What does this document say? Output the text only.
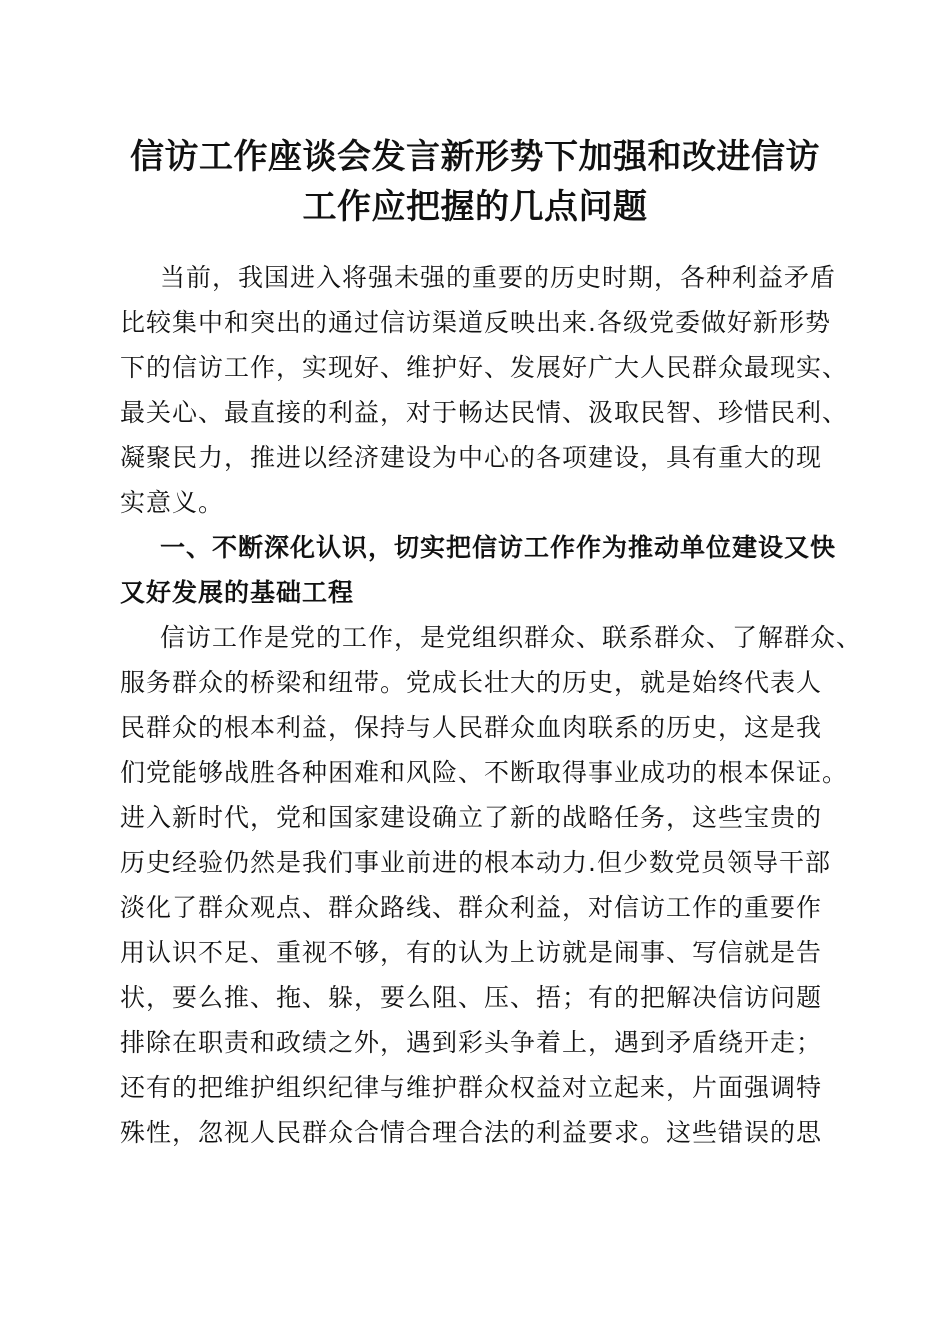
信访工作座谈会发言新形势下加强和改进信访
工作应把握的几点问题
当前，我国进入将强未强的重要的历史时期，各种利益矛盾
比较集中和突出的通过信访渠道反映出来.各级党委做好新形势
下的信访工作，实现好、维护好、发展好广大人民群众最现实、
最关心、最直接的利益，对于畅达民情、汲取民智、珍惜民利、
凝聚民力，推进以经济建设为中心的各项建设，具有重大的现
实意义。
一、不断深化认识，切实把信访工作作为推动单位建设又快
又好发展的基础工程
信访工作是党的工作，是党组织群众、联系群众、了解群众、
服务群众的桥梁和纽带。党成长壮大的历史，就是始终代表人
民群众的根本利益，保持与人民群众血肉联系的历史，这是我
们党能够战胜各种困难和风险、不断取得事业成功的根本保证。
进入新时代，党和国家建设确立了新的战略任务，这些宝贵的
历史经验仍然是我们事业前进的根本动力.但少数党员领导干部
淡化了群众观点、群众路线、群众利益，对信访工作的重要作
用认识不足、重视不够，有的认为上访就是闹事、写信就是告
状，要么推、拖、躲，要么阻、压、捂；有的把解决信访问题
排除在职责和政绩之外，遇到彩头争着上，遇到矛盾绕开走；
还有的把维护组织纪律与维护群众权益对立起来，片面强调特
殊性，忽视人民群众合情合理合法的利益要求。这些错误的思
